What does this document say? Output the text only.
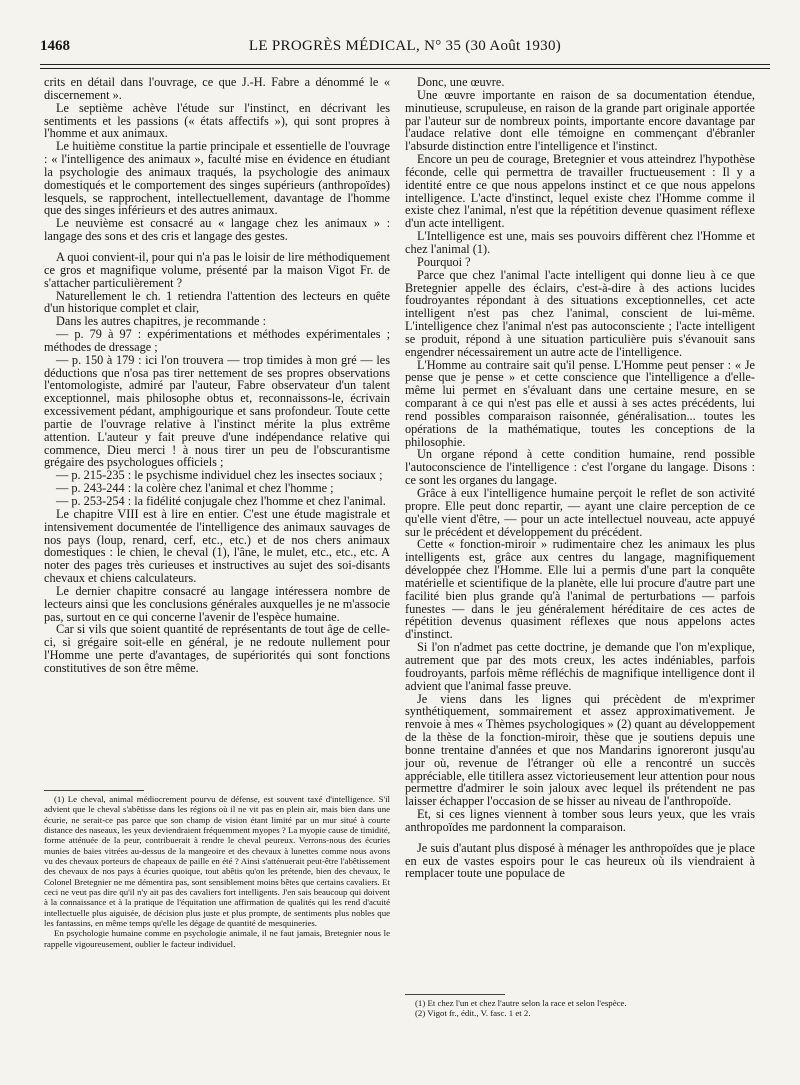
1468	LE PROGRÈS MÉDICAL, N° 35 (30 Août 1930)

crits en détail dans l'ouvrage, ce que J.-H. Fabre a dénommé le « discernement ».

Le septième achève l'étude sur l'instinct, en décrivant les sentiments et les passions (« états affectifs »), qui sont propres à l'homme et aux animaux.

Le huitième constitue la partie principale et essentielle de l'ouvrage : « l'intelligence des animaux », faculté mise en évidence en étudiant la psychologie des animaux traqués, la psychologie des animaux domestiqués et le comportement des singes supérieurs (anthropoïdes) lesquels, se rapprochent, intellectuellement, davantage de l'homme que des singes inférieurs et des autres animaux.

Le neuvième est consacré au « langage chez les animaux » : langage des sons et des cris et langage des gestes.

A quoi convient-il, pour qui n'a pas le loisir de lire méthodiquement ce gros et magnifique volume, présenté par la maison Vigot Fr. de s'attacher particulièrement ?

Naturellement le ch. 1 retiendra l'attention des lecteurs en quête d'un historique complet et clair,

Dans les autres chapitres, je recommande :

— p. 79 à 97 : expérimentations et méthodes expérimentales ; méthodes de dressage ;

— p. 150 à 179 : ici l'on trouvera — trop timides à mon gré — les déductions que n'osa pas tirer nettement de ses propres observations l'entomologiste, admiré par l'auteur, Fabre observateur d'un talent exceptionnel, mais philosophe obtus et, reconnaissons-le, écrivain excessivement pédant, amphigourique et sans profondeur. Toute cette partie de l'ouvrage relative à l'instinct mérite la plus extrême attention. L'auteur y fait preuve d'une indépendance relative qui commence, Dieu merci ! à nous tirer un peu de l'obscurantisme grégaire des psychologues officiels ;

— p. 215-235 : le psychisme individuel chez les insectes sociaux ;

— p. 243-244 : la colère chez l'animal et chez l'homme ;

— p. 253-254 : la fidélité conjugale chez l'homme et chez l'animal.

Le chapitre VIII est à lire en entier. C'est une étude magistrale et intensivement documentée de l'intelligence des animaux sauvages de nos pays (loup, renard, cerf, etc., etc.) et de nos chers animaux domestiques : le chien, le cheval (1), l'âne, le mulet, etc., etc., etc. A noter des pages très curieuses et instructives au sujet des soi-disants chevaux et chiens calculateurs.

Le dernier chapitre consacré au langage intéressera nombre de lecteurs ainsi que les conclusions générales auxquelles je ne m'associe pas, surtout en ce qui concerne l'avenir de l'espèce humaine.

Car si vils que soient quantité de représentants de tout âge de celle-ci, si grégaire soit-elle en général, je ne redoute nullement pour l'Homme une perte d'avantages, de supériorités qui sont fonctions constitutives de son être même.

(1) Le cheval, animal médiocrement pourvu de défense, est souvent taxé d'intelligence. S'il advient que le cheval s'abêtisse dans les régions où il ne vit pas en plein air, mais bien dans une écurie, ne serait-ce pas parce que son champ de vision étant limité par un mur situé à courte distance des naseaux, les yeux deviendraient fréquemment myopes ? La myopie cause de timidité, forme atténuée de la peur, contribuerait à rendre le cheval peureux. Verrons-nous des écuries munies de baies vitrées au-dessus de la mangeoire et des chevaux à lunettes comme nous avons vu des chevaux porteurs de chapeaux de paille en été ? Ainsi s'atténuerait peut-être l'abêtissement des chevaux de nos pays à écuries quoique, tout abêtis qu'on les prétende, bien des chevaux, le Colonel Bretegnier ne me démentira pas, sont sensiblement moins bêtes que certains cavaliers. Et ceci ne veut pas dire qu'il n'y ait pas des cavaliers fort intelligents. J'en sais beaucoup qui doivent à la connaissance et à la pratique de l'équitation une affirmation de qualités qui les rend d'acuité intellectuelle plus aiguisée, de décision plus juste et plus prompte, de sentiments plus nobles que les fantassins, en même temps qu'elle les dégage de quantité de mesquineries.

En psychologie humaine comme en psychologie animale, il ne faut jamais, Bretegnier nous le rappelle vigoureusement, oublier le facteur individuel.

Donc, une œuvre.

Une œuvre importante en raison de sa documentation étendue, minutieuse, scrupuleuse, en raison de la grande part originale apportée par l'auteur sur de nombreux points, importante encore davantage par l'audace relative dont elle témoigne en commençant d'ébranler l'absurde distinction entre l'intelligence et l'instinct.

Encore un peu de courage, Bretegnier et vous atteindrez l'hypothèse féconde, celle qui permettra de travailler fructueusement : Il y a identité entre ce que nous appelons instinct et ce que nous appelons intelligence. L'acte d'instinct, lequel existe chez l'Homme comme il existe chez l'animal, n'est que la répétition devenue quasiment réflexe d'un acte intelligent.

L'Intelligence est une, mais ses pouvoirs diffèrent chez l'Homme et chez l'animal (1).

Pourquoi ?

Parce que chez l'animal l'acte intelligent qui donne lieu à ce que Bretegnier appelle des éclairs, c'est-à-dire à des actions lucides foudroyantes répondant à des situations exceptionnelles, cet acte intelligent n'est pas chez l'animal, conscient de lui-même. L'intelligence chez l'animal n'est pas autoconsciente ; l'acte intelligent se produit, répond à une situation particulière puis s'évanouit sans engendrer nécessairement un autre acte de l'intelligence.

L'Homme au contraire sait qu'il pense. L'Homme peut penser : « Je pense que je pense » et cette conscience que l'intelligence a d'elle-même lui permet en s'évaluant dans une certaine mesure, en se comparant à ce qui n'est pas elle et aussi à ses actes précédents, lui rend possibles comparaison raisonnée, généralisation... toutes les opérations de la mathématique, toutes les conceptions de la philosophie.

Un organe répond à cette condition humaine, rend possible l'autoconscience de l'intelligence : c'est l'organe du langage. Disons : ce sont les organes du langage.

Grâce à eux l'intelligence humaine perçoit le reflet de son activité propre. Elle peut donc repartir, — ayant une claire perception de ce qu'elle vient d'être, — pour un acte intellectuel nouveau, acte appuyé sur le précédent et développement du précédent.

Cette « fonction-miroir » rudimentaire chez les animaux les plus intelligents est, grâce aux centres du langage, magnifiquement développée chez l'Homme. Elle lui a permis d'une part la conquête matérielle et scientifique de la planète, elle lui procure d'autre part une facilité bien plus grande qu'à l'animal de perturbations — parfois funestes — dans le jeu généralement héréditaire de ces actes de répétition devenus quasiment réflexes que nous appelons actes d'instinct.

Si l'on n'admet pas cette doctrine, je demande que l'on m'explique, autrement que par des mots creux, les actes indéniables, parfois foudroyants, parfois même réfléchis de magnifique intelligence dont il advient que l'animal fasse preuve.

Je viens dans les lignes qui précèdent de m'exprimer synthétiquement, sommairement et assez approximativement. Je renvoie à mes « Thèmes psychologiques » (2) quant au développement de la thèse de la fonction-miroir, thèse que je soutiens depuis une bonne trentaine d'années et que nos Mandarins ignoreront jusqu'au jour où, revenue de l'étranger où elle a rencontré un succès appréciable, elle titillera assez victorieusement leur attention pour nous permettre d'admirer le soin jaloux avec lequel ils prétendent ne pas laisser échapper l'occasion de se hisser au niveau de l'anthropoïde.

Et, si ces lignes viennent à tomber sous leurs yeux, que les vrais anthropoïdes me pardonnent la comparaison.

Je suis d'autant plus disposé à ménager les anthropoïdes que je place en eux de vastes espoirs pour le cas heureux où ils viendraient à remplacer toute une populace de

(1) Et chez l'un et chez l'autre selon la race et selon l'espèce.

(2) Vigot fr., édit., V. fasc. 1 et 2.
